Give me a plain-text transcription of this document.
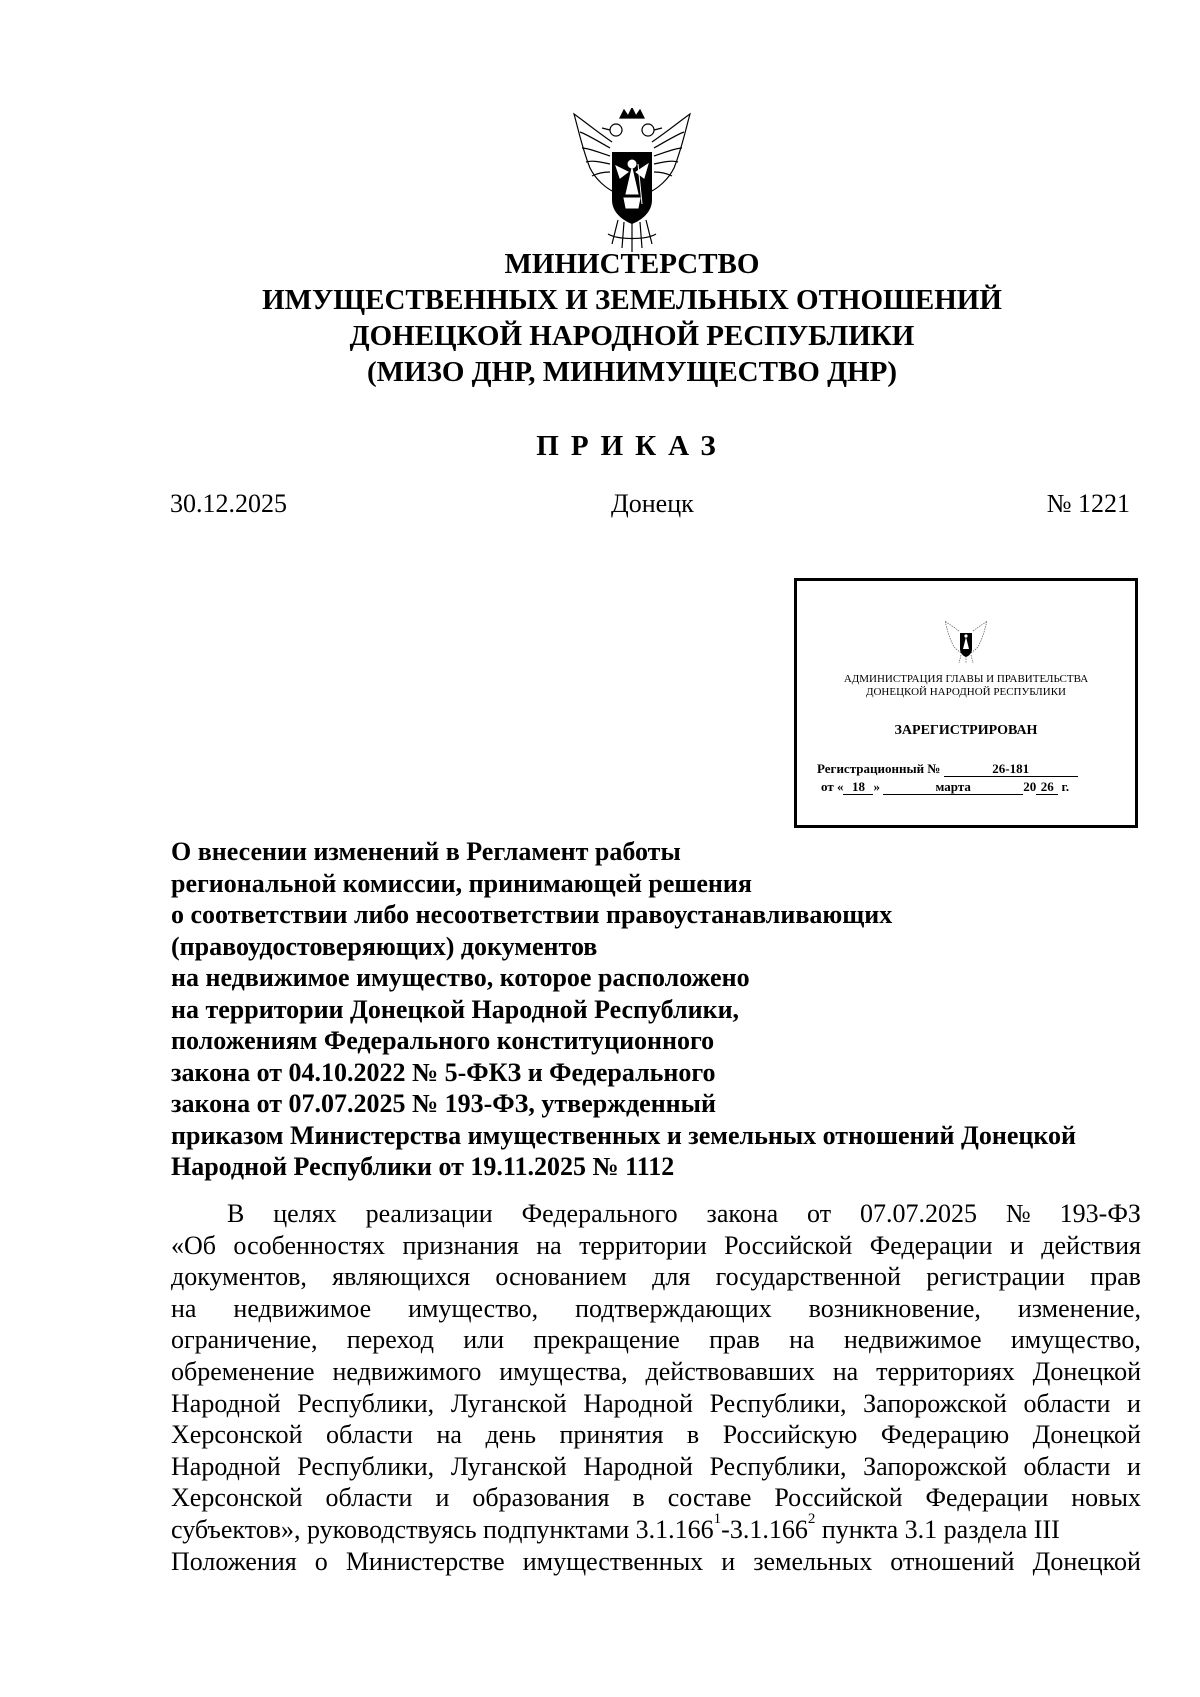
МИНИСТЕРСТВО
ИМУЩЕСТВЕННЫХ И ЗЕМЕЛЬНЫХ ОТНОШЕНИЙ
ДОНЕЦКОЙ НАРОДНОЙ РЕСПУБЛИКИ
(МИЗО ДНР, МИНИМУЩЕСТВО ДНР)
ПРИКАЗ
30.12.2025	Донецк	№ 1221
АДМИНИСТРАЦИЯ ГЛАВЫ И ПРАВИТЕЛЬСТВА
ДОНЕЦКОЙ НАРОДНОЙ РЕСПУБЛИКИ
ЗАРЕГИСТРИРОВАН
Регистрационный №	26-181
от « 18 »	марта	20 26 г.
О внесении изменений в Регламент работы
региональной комиссии, принимающей решения
о соответствии либо несоответствии правоустанавливающих
(правоудостоверяющих) документов
на недвижимое имущество, которое расположено
на территории Донецкой Народной Республики,
положениям Федерального конституционного
закона от 04.10.2022 № 5-ФКЗ и Федерального
закона от 07.07.2025 № 193-ФЗ, утвержденный
приказом Министерства имущественных и земельных отношений Донецкой
Народной Республики от 19.11.2025 № 1112
В целях реализации Федерального закона от 07.07.2025 № 193-ФЗ
«Об особенностях признания на территории Российской Федерации и действия
документов, являющихся основанием для государственной регистрации прав
на недвижимое имущество, подтверждающих возникновение, изменение,
ограничение, переход или прекращение прав на недвижимое имущество,
обременение недвижимого имущества, действовавших на территориях Донецкой
Народной Республики, Луганской Народной Республики, Запорожской области и
Херсонской области на день принятия в Российскую Федерацию Донецкой
Народной Республики, Луганской Народной Республики, Запорожской области и
Херсонской области и образования в составе Российской Федерации новых
субъектов», руководствуясь подпунктами 3.1.166$^1$-3.1.166$^2$ пункта 3.1 раздела III
Положения о Министерстве имущественных и земельных отношений Донецкой
